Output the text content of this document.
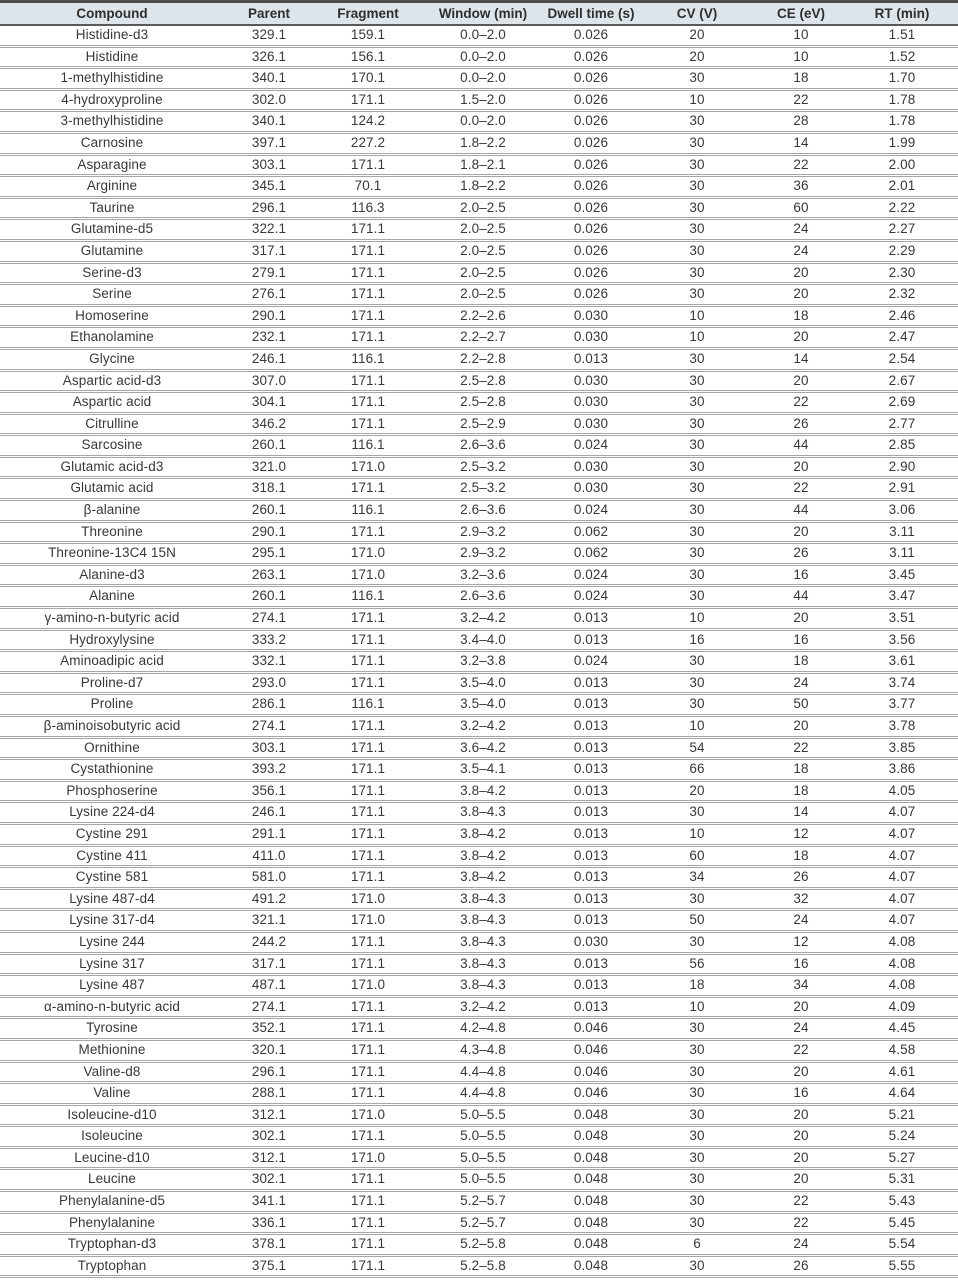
Compound	Parent	Fragment	Window (min)	Dwell time (s)	CV (V)	CE (eV)	RT (min)
Histidine-d3	329.1	159.1	0.0–2.0	0.026	20	10	1.51
Histidine	326.1	156.1	0.0–2.0	0.026	20	10	1.52
1-methylhistidine	340.1	170.1	0.0–2.0	0.026	30	18	1.70
4-hydroxyproline	302.0	171.1	1.5–2.0	0.026	10	22	1.78
3-methylhistidine	340.1	124.2	0.0–2.0	0.026	30	28	1.78
Carnosine	397.1	227.2	1.8–2.2	0.026	30	14	1.99
Asparagine	303.1	171.1	1.8–2.1	0.026	30	22	2.00
Arginine	345.1	70.1	1.8–2.2	0.026	30	36	2.01
Taurine	296.1	116.3	2.0–2.5	0.026	30	60	2.22
Glutamine-d5	322.1	171.1	2.0–2.5	0.026	30	24	2.27
Glutamine	317.1	171.1	2.0–2.5	0.026	30	24	2.29
Serine-d3	279.1	171.1	2.0–2.5	0.026	30	20	2.30
Serine	276.1	171.1	2.0–2.5	0.026	30	20	2.32
Homoserine	290.1	171.1	2.2–2.6	0.030	10	18	2.46
Ethanolamine	232.1	171.1	2.2–2.7	0.030	10	20	2.47
Glycine	246.1	116.1	2.2–2.8	0.013	30	14	2.54
Aspartic acid-d3	307.0	171.1	2.5–2.8	0.030	30	20	2.67
Aspartic acid	304.1	171.1	2.5–2.8	0.030	30	22	2.69
Citrulline	346.2	171.1	2.5–2.9	0.030	30	26	2.77
Sarcosine	260.1	116.1	2.6–3.6	0.024	30	44	2.85
Glutamic acid-d3	321.0	171.0	2.5–3.2	0.030	30	20	2.90
Glutamic acid	318.1	171.1	2.5–3.2	0.030	30	22	2.91
β-alanine	260.1	116.1	2.6–3.6	0.024	30	44	3.06
Threonine	290.1	171.1	2.9–3.2	0.062	30	20	3.11
Threonine-13C4 15N	295.1	171.0	2.9–3.2	0.062	30	26	3.11
Alanine-d3	263.1	171.0	3.2–3.6	0.024	30	16	3.45
Alanine	260.1	116.1	2.6–3.6	0.024	30	44	3.47
γ-amino-n-butyric acid	274.1	171.1	3.2–4.2	0.013	10	20	3.51
Hydroxylysine	333.2	171.1	3.4–4.0	0.013	16	16	3.56
Aminoadipic acid	332.1	171.1	3.2–3.8	0.024	30	18	3.61
Proline-d7	293.0	171.1	3.5–4.0	0.013	30	24	3.74
Proline	286.1	116.1	3.5–4.0	0.013	30	50	3.77
β-aminoisobutyric acid	274.1	171.1	3.2–4.2	0.013	10	20	3.78
Ornithine	303.1	171.1	3.6–4.2	0.013	54	22	3.85
Cystathionine	393.2	171.1	3.5–4.1	0.013	66	18	3.86
Phosphoserine	356.1	171.1	3.8–4.2	0.013	20	18	4.05
Lysine 224-d4	246.1	171.1	3.8–4.3	0.013	30	14	4.07
Cystine 291	291.1	171.1	3.8–4.2	0.013	10	12	4.07
Cystine 411	411.0	171.1	3.8–4.2	0.013	60	18	4.07
Cystine 581	581.0	171.1	3.8–4.2	0.013	34	26	4.07
Lysine 487-d4	491.2	171.0	3.8–4.3	0.013	30	32	4.07
Lysine 317-d4	321.1	171.0	3.8–4.3	0.013	50	24	4.07
Lysine 244	244.2	171.1	3.8–4.3	0.030	30	12	4.08
Lysine 317	317.1	171.1	3.8–4.3	0.013	56	16	4.08
Lysine 487	487.1	171.0	3.8–4.3	0.013	18	34	4.08
α-amino-n-butyric acid	274.1	171.1	3.2–4.2	0.013	10	20	4.09
Tyrosine	352.1	171.1	4.2–4.8	0.046	30	24	4.45
Methionine	320.1	171.1	4.3–4.8	0.046	30	22	4.58
Valine-d8	296.1	171.1	4.4–4.8	0.046	30	20	4.61
Valine	288.1	171.1	4.4–4.8	0.046	30	16	4.64
Isoleucine-d10	312.1	171.0	5.0–5.5	0.048	30	20	5.21
Isoleucine	302.1	171.1	5.0–5.5	0.048	30	20	5.24
Leucine-d10	312.1	171.0	5.0–5.5	0.048	30	20	5.27
Leucine	302.1	171.1	5.0–5.5	0.048	30	20	5.31
Phenylalanine-d5	341.1	171.1	5.2–5.7	0.048	30	22	5.43
Phenylalanine	336.1	171.1	5.2–5.7	0.048	30	22	5.45
Tryptophan-d3	378.1	171.1	5.2–5.8	0.048	6	24	5.54
Tryptophan	375.1	171.1	5.2–5.8	0.048	30	26	5.55
